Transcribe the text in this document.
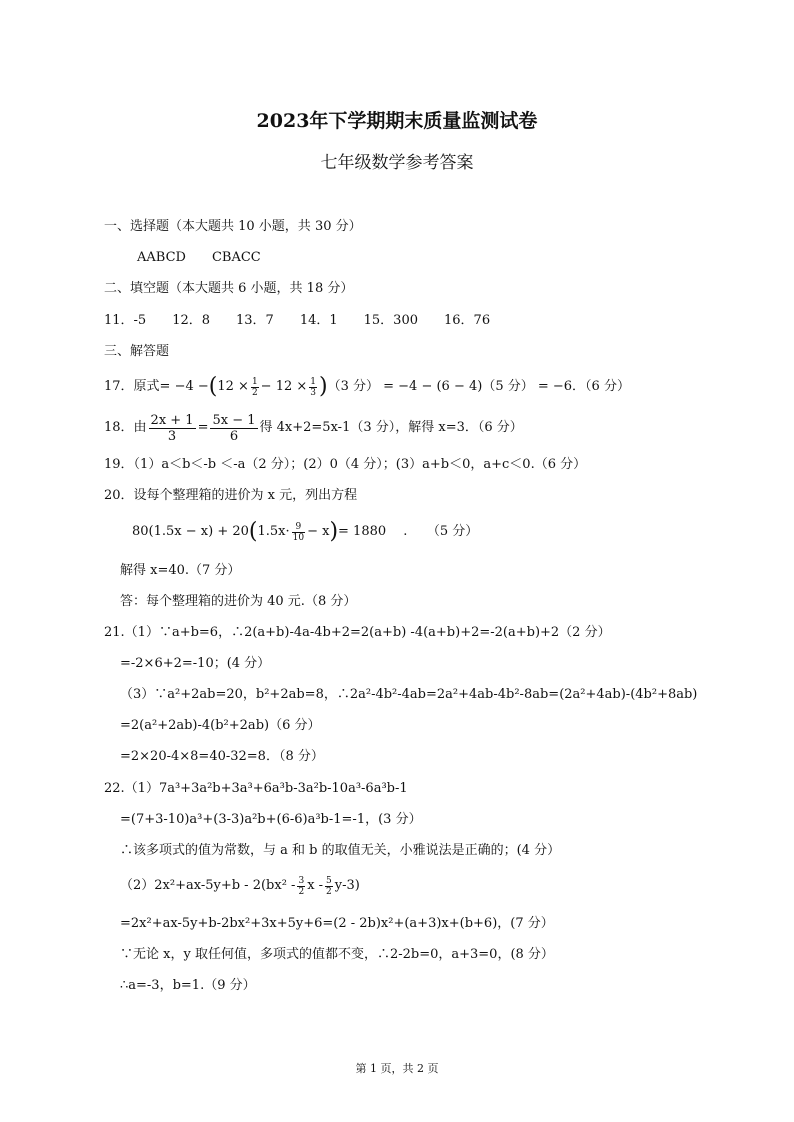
2023年下学期期末质量监测试卷
七年级数学参考答案
一、选择题（本大题共 10 小题，共 30 分）
AABCD　　CBACC
二、填空题（本大题共 6 小题，共 18 分）
11．-5　　12．8　　13．7　　14．1　　15．300　　16．76
三、解答题
17．原式= $-4 -(12 \times \frac{1}{2} - 12 \times \frac{1}{3} )(3$ 分） = −4 − (6 − 4)（5 分） = −6．（6 分）
18．由 $\frac{2x + 1}{3} = \frac{5x - 1}{6}$ 得 4x+2=5x-1（3 分），解得 x=3．（6 分）
19．（1）a＜b＜-b ＜-a（2 分）；(2）0（4 分）；(3）a+b＜0，a+c＜0.（6 分）
20．设每个整理箱的进价为 x 元，列出方程
$80(1.5x - x) + 20(1.5x\cdot \frac{9}{10} - x)= 1880$　 .　　（5 分）
解得 x=40.（7 分）
答：每个整理箱的进价为 40 元.（8 分）
21.（1）∵a+b=6，∴2(a+b)-4a-4b+2=2(a+b) -4(a+b)+2=-2(a+b)+2（2 分）
=-2×6+2=-10；(4 分）
（3）∵a²+2ab=20，b²+2ab=8，∴2a²-4b²-4ab=2a²+4ab-4b²-8ab=(2a²+4ab)-(4b²+8ab)
=2(a²+2ab)-4(b²+2ab)（6 分）
=2×20-4×8=40-32=8．（8 分）
22.（1）7a³+3a²b+3a³+6a³b-3a²b-10a³-6a³b-1
=(7+3-10)a³+(3-3)a²b+(6-6)a³b-1=-1，(3 分）
∴该多项式的值为常数，与 a 和 b 的取值无关，小雅说法是正确的；(4 分）
$(2)2x^2+ax-5y+b - 2(bx^2 - \frac{3}{2}$ x - $\frac{5}{2} y-3$)
=2x²+ax-5y+b-2bx²+3x+5y+6=(2 - 2b)x²+(a+3)x+(b+6)，(7 分）
∵无论 x，y 取任何值，多项式的值都不变，∴2-2b=0，a+3=0，(8 分）
∴a=-3，b=1.（9 分）
第 1 页，共 2 页
